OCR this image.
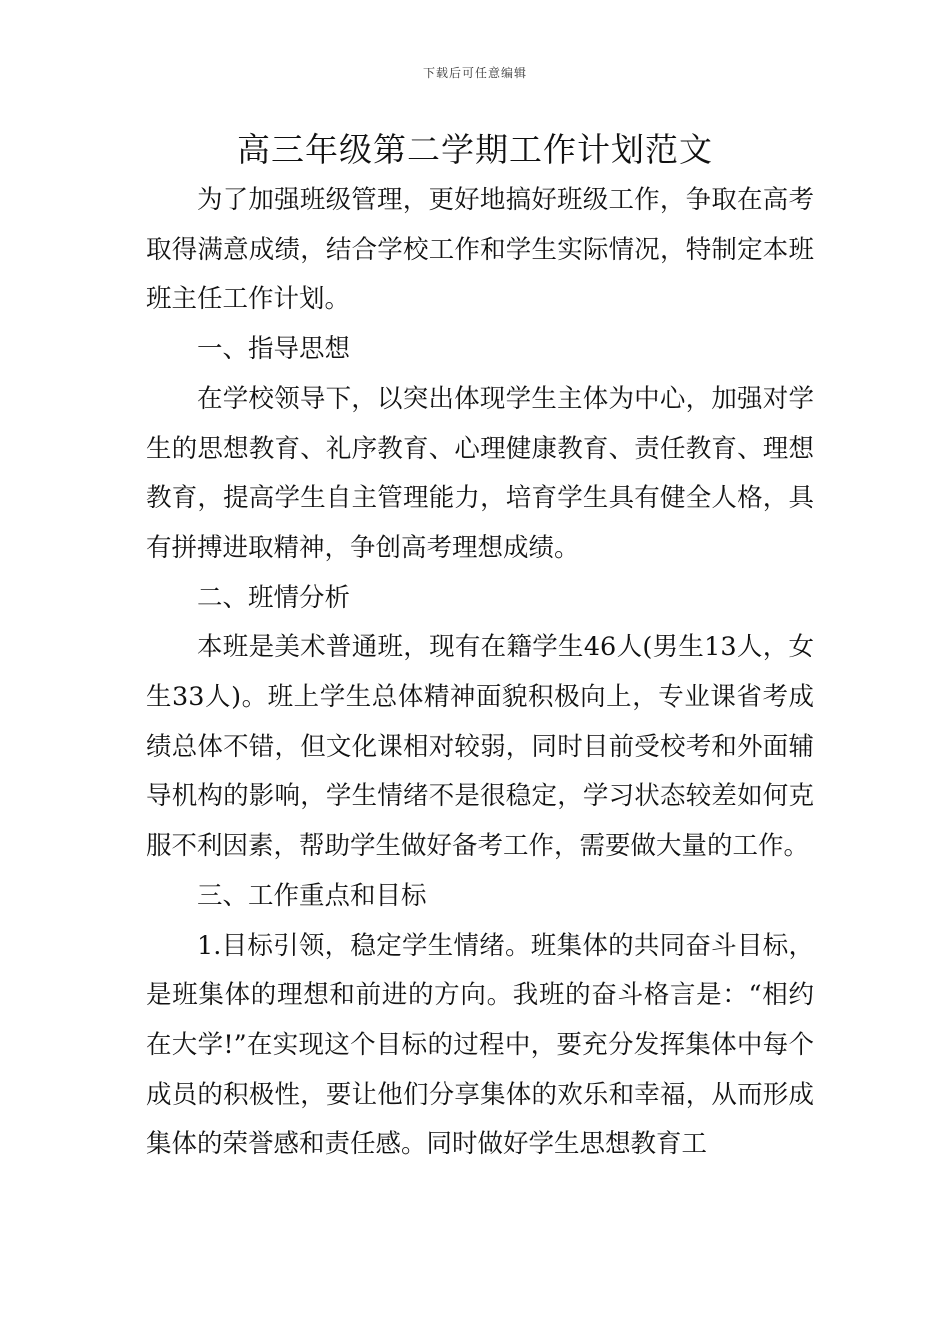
下载后可任意编辑
高三年级第二学期工作计划范文

为了加强班级管理，更好地搞好班级工作，争取在高考取得满意成绩，结合学校工作和学生实际情况，特制定本班班主任工作计划。

一、指导思想

在学校领导下，以突出体现学生主体为中心，加强对学生的思想教育、礼序教育、心理健康教育、责任教育、理想教育，提高学生自主管理能力，培育学生具有健全人格，具有拼搏进取精神，争创高考理想成绩。

二、班情分析

本班是美术普通班，现有在籍学生46人(男生13人，女生33人)。班上学生总体精神面貌积极向上，专业课省考成绩总体不错，但文化课相对较弱，同时目前受校考和外面辅导机构的影响，学生情绪不是很稳定，学习状态较差如何克服不利因素，帮助学生做好备考工作，需要做大量的工作。

三、工作重点和目标

1.目标引领，稳定学生情绪。班集体的共同奋斗目标，是班集体的理想和前进的方向。我班的奋斗格言是：“相约在大学!”在实现这个目标的过程中，要充分发挥集体中每个成员的积极性，要让他们分享集体的欢乐和幸福，从而形成集体的荣誉感和责任感。同时做好学生思想教育工
